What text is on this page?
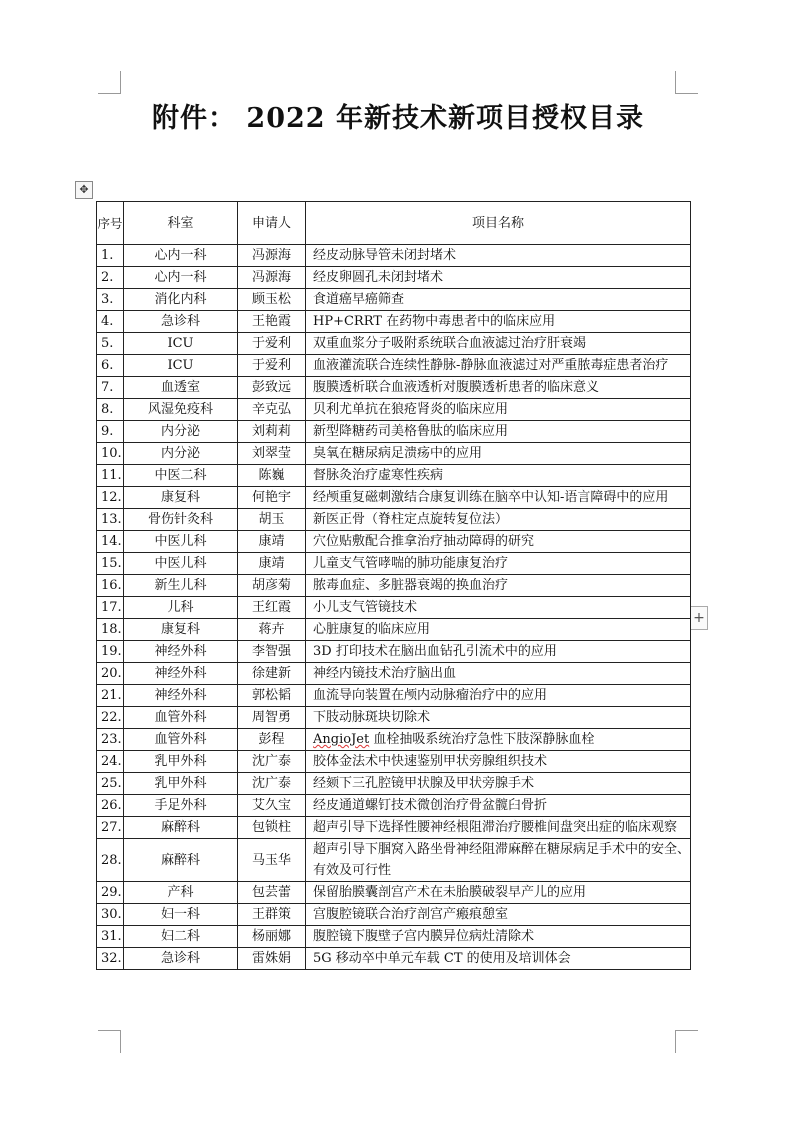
附件： 2022 年新技术新项目授权目录
✥
+
序号	科室	申请人	项目名称
1.	心内一科	冯源海	经皮动脉导管未闭封堵术
2.	心内一科	冯源海	经皮卵圆孔未闭封堵术
3.	消化内科	顾玉松	食道癌早癌筛查
4.	急诊科	王艳霞	HP+CRRT 在药物中毒患者中的临床应用
5.	ICU	于爱利	双重血浆分子吸附系统联合血液滤过治疗肝衰竭
6.	ICU	于爱利	血液灌流联合连续性静脉-静脉血液滤过对严重脓毒症患者治疗
7.	血透室	彭致远	腹膜透析联合血液透析对腹膜透析患者的临床意义
8.	风湿免疫科	辛克弘	贝利尤单抗在狼疮肾炎的临床应用
9.	内分泌	刘莉莉	新型降糖药司美格鲁肽的临床应用
10.	内分泌	刘翠莹	臭氧在糖尿病足溃疡中的应用
11.	中医二科	陈巍	督脉灸治疗虚寒性疾病
12.	康复科	何艳宇	经颅重复磁刺激结合康复训练在脑卒中认知-语言障碍中的应用
13.	骨伤针灸科	胡玉	新医正骨（脊柱定点旋转复位法）
14.	中医儿科	康靖	穴位贴敷配合推拿治疗抽动障碍的研究
15.	中医儿科	康靖	儿童支气管哮喘的肺功能康复治疗
16.	新生儿科	胡彦菊	脓毒血症、多脏器衰竭的换血治疗
17.	儿科	王红霞	小儿支气管镜技术
18.	康复科	蒋卉	心脏康复的临床应用
19.	神经外科	李智强	3D 打印技术在脑出血钻孔引流术中的应用
20.	神经外科	徐建新	神经内镜技术治疗脑出血
21.	神经外科	郭松韬	血流导向装置在颅内动脉瘤治疗中的应用
22.	血管外科	周智勇	下肢动脉斑块切除术
23.	血管外科	彭程	AngioJet 血栓抽吸系统治疗急性下肢深静脉血栓
24.	乳甲外科	沈广泰	胶体金法术中快速鉴别甲状旁腺组织技术
25.	乳甲外科	沈广泰	经颏下三孔腔镜甲状腺及甲状旁腺手术
26.	手足外科	艾久宝	经皮通道螺钉技术微创治疗骨盆髋臼骨折
27.	麻醉科	包锁柱	超声引导下选择性腰神经根阻滞治疗腰椎间盘突出症的临床观察
28.	麻醉科	马玉华	超声引导下腘窝入路坐骨神经阻滞麻醉在糖尿病足手术中的安全、有效及可行性
29.	产科	包芸蕾	保留胎膜囊剖宫产术在未胎膜破裂早产儿的应用
30.	妇一科	王群策	宫腹腔镜联合治疗剖宫产瘢痕憩室
31.	妇二科	杨丽娜	腹腔镜下腹壁子宫内膜异位病灶清除术
32.	急诊科	雷姝娟	5G 移动卒中单元车载 CT 的使用及培训体会
